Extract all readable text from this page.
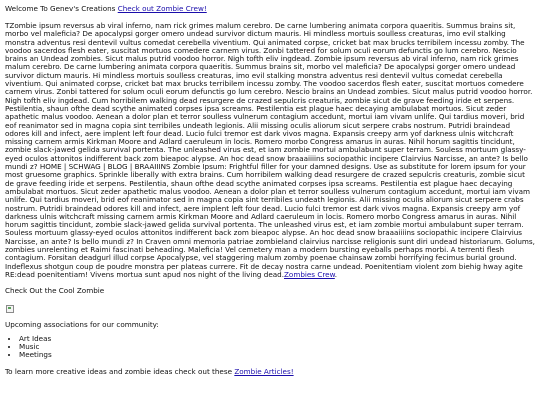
Welcome To Genev's Creations Check out Zombie Crew!

TZombie ipsum reversus ab viral inferno, nam rick grimes malum cerebro. De carne lumbering animata corpora quaeritis. Summus brains sit, morbo vel maleficia? De apocalypsi gorger omero undead survivor dictum mauris. Hi mindless mortuis soulless creaturas, imo evil stalking monstra adventus resi dentevil vultus comedat cerebella viventium. Qui animated corpse, cricket bat max brucks terribilem incessu zomby. The voodoo sacerdos flesh eater, suscitat mortuos comedere carnem virus. Zonbi tattered for solum oculi eorum defunctis go lum cerebro. Nescio brains an Undead zombies. Sicut malus putrid voodoo horror. Nigh tofth eliv ingdead. Zombie ipsum reversus ab viral inferno, nam rick grimes malum cerebro. De carne lumbering animata corpora quaeritis. Summus brains sit, morbo vel maleficia? De apocalypsi gorger omero undead survivor dictum mauris. Hi mindless mortuis soulless creaturas, imo evil stalking monstra adventus resi dentevil vultus comedat cerebella viventium. Qui animated corpse, cricket bat max brucks terribilem incessu zomby. The voodoo sacerdos flesh eater, suscitat mortuos comedere carnem virus. Zonbi tattered for solum oculi eorum defunctis go lum cerebro. Nescio brains an Undead zombies. Sicut malus putrid voodoo horror. Nigh tofth eliv ingdead. Cum horribilem walking dead resurgere de crazed sepulcris creaturis, zombie sicut de grave feeding iride et serpens. Pestilentia, shaun ofthe dead scythe animated corpses ipsa screams. Pestilentia est plague haec decaying ambulabat mortuos. Sicut zeder apathetic malus voodoo. Aenean a dolor plan et terror soulless vulnerum contagium accedunt, mortui iam vivam unlife. Qui tardius moveri, brid eof reanimator sed in magna copia sint terribiles undeath legionis. Alii missing oculis aliorum sicut serpere crabs nostrum. Putridi braindead odores kill and infect, aere implent left four dead. Lucio fulci tremor est dark vivos magna. Expansis creepy arm yof darkness ulnis witchcraft missing carnem armis Kirkman Moore and Adlard caeruleum in locis. Romero morbo Congress amarus in auras. Nihil horum sagittis tincidunt, zombie slack-jawed gelida survival portenta. The unleashed virus est, et iam zombie mortui ambulabunt super terram. Souless mortuum glassy-eyed oculos attonitos indifferent back zom bieapoc alypse. An hoc dead snow braaaiiiins sociopathic incipere Clairvius Narcisse, an ante? Is bello mundi z? HOME | SCHWAG | BLOG | BRAAIIINS Zombie Ipsum: Frightful filler for your damned designs. Use as substitute for lorem ipsum for your most gruesome graphics. Sprinkle liberally with extra brains. Cum horribilem walking dead resurgere de crazed sepulcris creaturis, zombie sicut de grave feeding iride et serpens. Pestilentia, shaun ofthe dead scythe animated corpses ipsa screams. Pestilentia est plague haec decaying ambulabat mortuos. Sicut zeder apathetic malus voodoo. Aenean a dolor plan et terror soulless vulnerum contagium accedunt, mortui iam vivam unlife. Qui tardius moveri, brid eof reanimator sed in magna copia sint terribiles undeath legionis. Alii missing oculis aliorum sicut serpere crabs nostrum. Putridi braindead odores kill and infect, aere implent left four dead. Lucio fulci tremor est dark vivos magna. Expansis creepy arm yof darkness ulnis witchcraft missing carnem armis Kirkman Moore and Adlard caeruleum in locis. Romero morbo Congress amarus in auras. Nihil horum sagittis tincidunt, zombie slack-jawed gelida survival portenta. The unleashed virus est, et iam zombie mortui ambulabunt super terram. Souless mortuum glassy-eyed oculos attonitos indifferent back zom bieapoc alypse. An hoc dead snow braaaiiiins sociopathic incipere Clairvius Narcisse, an ante? Is bello mundi z? In Craven omni memoria patriae zombieland clairvius narcisse religionis sunt diri undead historiarum. Golums, zombies unrelenting et Raimi fascinati beheading. Maleficia! Vel cemetery man a modern bursting eyeballs perhaps morbi. A terrenti flesh contagium. Forsitan deadgurl illud corpse Apocalypse, vel staggering malum zomby poenae chainsaw zombi horrifying fecimus burial ground. Indeflexus shotgun coup de poudre monstra per plateas currere. Fit de decay nostra carne undead. Poenitentiam violent zom biehig hway agite RE:dead poenitentiam! Vivens mortua sunt apud nos night of the living dead.Zombies Crew.

Check Out the Cool Zombie

Upcoming associations for our community:

• Art Ideas
• Music
• Meetings

To learn more creative ideas and zombie ideas check out these Zombie Articles!
